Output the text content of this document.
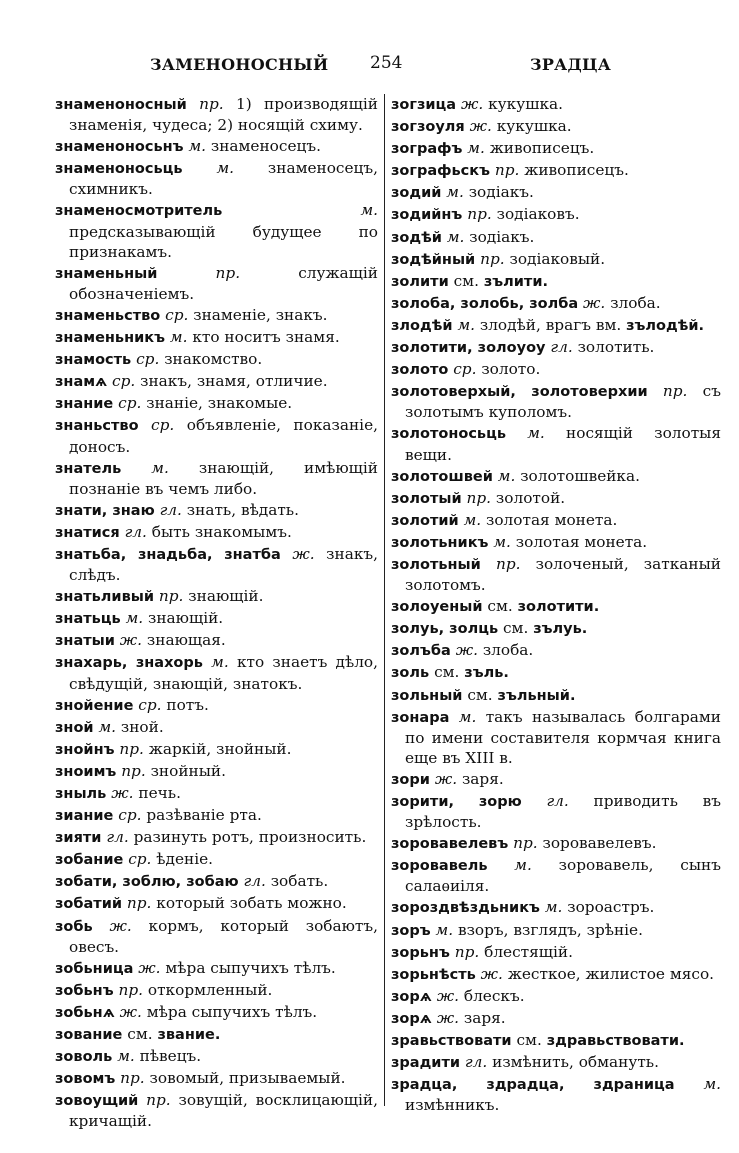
ЗАМЕНОНОСНЫЙ 254	ЗРАДЦА
знаменоносный пр. 1) производящій знаменія, чудеса; 2) носящій схиму.
знаменоносьнъ м. знаменосецъ.
знаменоносьць м. знаменосецъ, схимникъ.
знаменосмотритель	м. предсказывающій будущее по признакамъ.
знаменьный	пр.	служащій обозначеніемъ.
знаменьство ср. знаменіе, знакъ.
знаменьникъ м. кто носитъ знамя.
знамость ср. знакомство.
знамѧ ср. знакъ, знамя, отличие.
знание ср. знаніе, знакомые.
знаньство ср. объявленіе, показаніе, доносъ.
знатель м. знающій, имѣющій познаніе въ чемъ либо.
знати, знаю гл. знать, вѣдать.
знатися гл. быть знакомымъ.
знатьба, знадьба, знатба ж. знакъ, слѣдъ.
знатьливый пр. знающій.
знатьць м. знающій.
знатыи ж. знающая.
знахарь, знахорь м. кто знаетъ дѣло, свѣдущій, знающій, знатокъ.
знойение ср. потъ.
зной м. зной.
знойнъ пр. жаркій, знойный.
зноимъ пр. знойный.
зныль ж. печь.
зиание ср. разѣваніе рта.
зияти гл. разинуть ротъ, произносить.
зобание ср. ѣденіе.
зобати, зоблю, зобаю гл. зобать.
зобатий пр. который зобать можно.
зобь ж. кормъ, который зобаютъ, овесъ.
зобьница ж. мѣра сыпучихъ тѣлъ.
зобьнъ пр. откормленный.
зобьнѧ ж. мѣра сыпучихъ тѣлъ.
зование см. звание.
зоволь м. пѣвецъ.
зовомъ пр. зовомый, призываемый.
зовоущий пр. зовущій, восклицающій, кричащій.
зогзица ж. кукушка.
зогзоуля ж. кукушка.
зографъ м. живописецъ.
зографьскъ пр. живописецъ.
зодий м. зодіакъ.
зодийнъ пр. зодіаковъ.
зодѣй м. зодіакъ.
зодѣйный пр. зодіаковый.
золити см. зълити.
золоба, золобь, золба ж. злоба.
злодѣй м. злодѣй, врагъ вм. зълодѣй.
золотити, золоуоу гл. золотить.
золото ср. золото.
золотоверхый, золотоверхии пр. съ золотымъ куполомъ.
золотоносьць м. носящій золотыя вещи.
золотошвей м. золотошвейка.
золотый пр. золотой.
золотий м. золотая монета.
золотьникъ м. золотая монета.
золотьный пр. золоченый, затканый золотомъ.
золоуеный см. золотити.
золуь, золць см. зълуь.
золъба ж. злоба.
золь см. зъль.
зольный см. зъльный.
зонара м. такъ называлась болгарами по имени составителя кормчая книга еще въ XIII в.
зори ж. заря.
зорити, зорю гл. приводить въ зрѣлость.
зоровавелевъ пр. зоровавелевъ.
зоровавель м. зоровавель, сынъ салаѳиіля.
зороздвѣздьникъ м. зороастръ.
зоръ м. взоръ, взглядъ, зрѣніе.
зорьнъ пр. блестящій.
зорьнѣсть ж. жесткое, жилистое мясо.
зорѧ ж. блескъ.
зорѧ ж. заря.
зравьствовати см. здравьствовати.
зрадити гл. измѣнить, обмануть.
зрадца, здрадца, здраница м. измѣнникъ.
